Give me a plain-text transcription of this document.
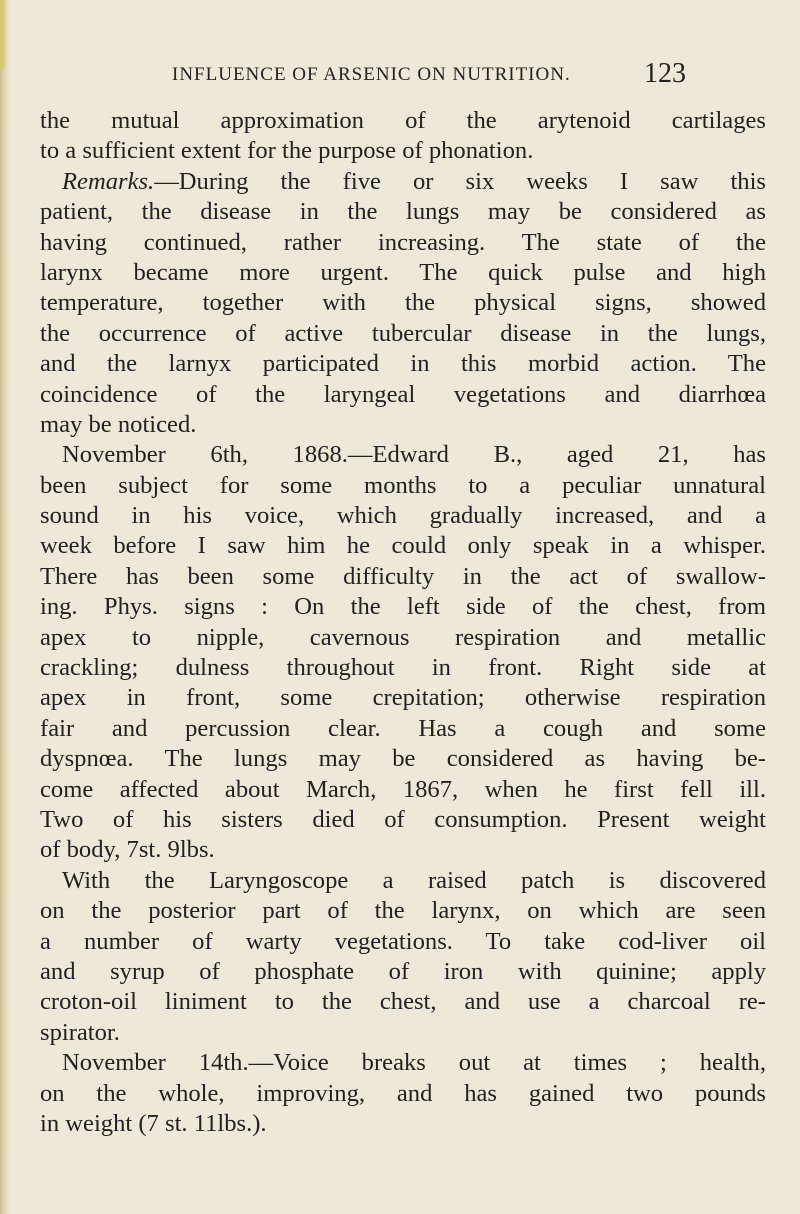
INFLUENCE OF ARSENIC ON NUTRITION.	123
the mutual approximation of the arytenoid cartilages
to a sufficient extent for the purpose of phonation.
Remarks.—During the five or six weeks I saw this
patient, the disease in the lungs may be considered as
having continued, rather increasing. The state of the
larynx became more urgent. The quick pulse and high
temperature, together with the physical signs, showed
the occurrence of active tubercular disease in the lungs,
and the larnyx participated in this morbid action. The
coincidence of the laryngeal vegetations and diarrhœa
may be noticed.
November 6th, 1868.—Edward B., aged 21, has
been subject for some months to a peculiar unnatural
sound in his voice, which gradually increased, and a
week before I saw him he could only speak in a whisper.
There has been some difficulty in the act of swallow-
ing. Phys. signs : On the left side of the chest, from
apex to nipple, cavernous respiration and metallic
crackling; dulness throughout in front. Right side at
apex in front, some crepitation; otherwise respiration
fair and percussion clear. Has a cough and some
dyspnœa. The lungs may be considered as having be-
come affected about March, 1867, when he first fell ill.
Two of his sisters died of consumption. Present weight
of body, 7st. 9lbs.
With the Laryngoscope a raised patch is discovered
on the posterior part of the larynx, on which are seen
a number of warty vegetations. To take cod-liver oil
and syrup of phosphate of iron with quinine; apply
croton-oil liniment to the chest, and use a charcoal re-
spirator.
November 14th.—Voice breaks out at times ; health,
on the whole, improving, and has gained two pounds
in weight (7 st. 11lbs.).
